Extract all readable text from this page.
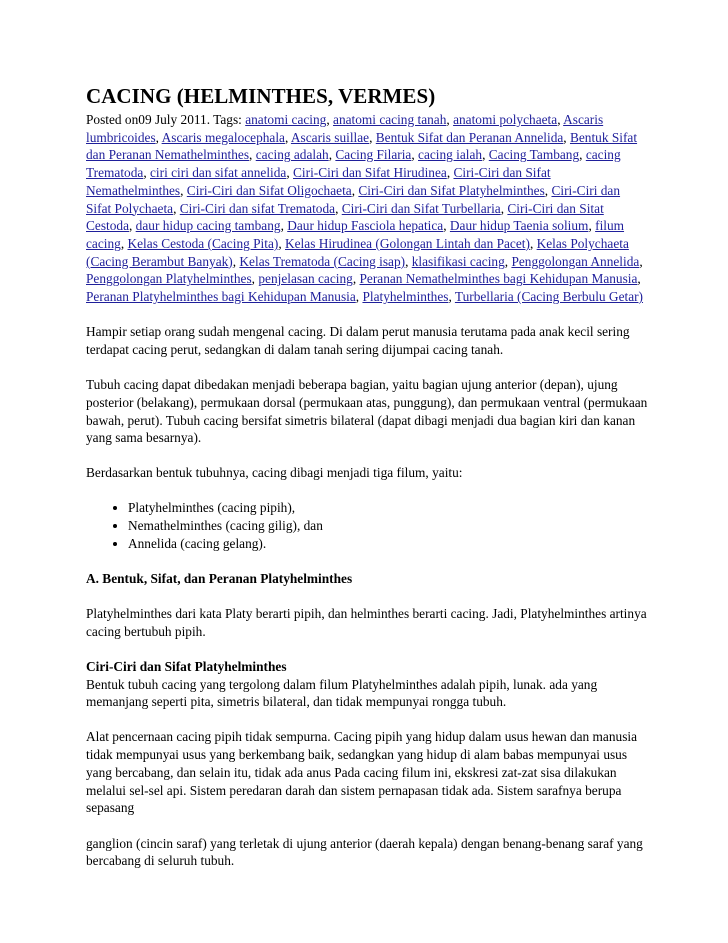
CACING (HELMINTHES, VERMES)

Posted on09 July 2011. Tags: anatomi cacing, anatomi cacing tanah, anatomi polychaeta, Ascaris lumbricoides, Ascaris megalocephala, Ascaris suillae, Bentuk Sifat dan Peranan Annelida, Bentuk Sifat dan Peranan Nemathelminthes, cacing adalah, Cacing Filaria, cacing ialah, Cacing Tambang, cacing Trematoda, ciri ciri dan sifat annelida, Ciri-Ciri dan Sifat Hirudinea, Ciri-Ciri dan Sifat Nemathelminthes, Ciri-Ciri dan Sifat Oligochaeta, Ciri-Ciri dan Sifat Platyhelminthes, Ciri-Ciri dan Sifat Polychaeta, Ciri-Ciri dan sifat Trematoda, Ciri-Ciri dan Sifat Turbellaria, Ciri-Ciri dan Sitat Cestoda, daur hidup cacing tambang, Daur hidup Fasciola hepatica, Daur hidup Taenia solium, filum cacing, Kelas Cestoda (Cacing Pita), Kelas Hirudinea (Golongan Lintah dan Pacet), Kelas Polychaeta (Cacing Berambut Banyak), Kelas Trematoda (Cacing isap), klasifikasi cacing, Penggolongan Annelida, Penggolongan Platyhelminthes, penjelasan cacing, Peranan Nemathelminthes bagi Kehidupan Manusia, Peranan Platyhelminthes bagi Kehidupan Manusia, Platyhelminthes, Turbellaria (Cacing Berbulu Getar)

Hampir setiap orang sudah mengenal cacing. Di dalam perut manusia terutama pada anak kecil sering terdapat cacing perut, sedangkan di dalam tanah sering dijumpai cacing tanah.

Tubuh cacing dapat dibedakan menjadi beberapa bagian, yaitu bagian ujung anterior (depan), ujung posterior (belakang), permukaan dorsal (permukaan atas, punggung), dan permukaan ventral (permukaan bawah, perut). Tubuh cacing bersifat simetris bilateral (dapat dibagi menjadi dua bagian kiri dan kanan yang sama besarnya).

Berdasarkan bentuk tubuhnya, cacing dibagi menjadi tiga filum, yaitu:

• Platyhelminthes (cacing pipih),
• Nemathelminthes (cacing gilig), dan
• Annelida (cacing gelang).
A. Bentuk, Sifat, dan Peranan Platyhelminthes

Platyhelminthes dari kata Platy berarti pipih, dan helminthes berarti cacing. Jadi, Platyhelminthes artinya cacing bertubuh pipih.

Ciri-Ciri dan Sifat Platyhelminthes

Bentuk tubuh cacing yang tergolong dalam filum Platyhelminthes adalah pipih, lunak. ada yang memanjang seperti pita, simetris bilateral, dan tidak mempunyai rongga tubuh.

Alat pencernaan cacing pipih tidak sempurna. Cacing pipih yang hidup dalam usus hewan dan manusia tidak mempunyai usus yang berkembang baik, sedangkan yang hidup di alam babas mempunyai usus yang bercabang, dan selain itu, tidak ada anus Pada cacing filum ini, ekskresi zat-zat sisa dilakukan melalui sel-sel api. Sistem peredaran darah dan sistem pernapasan tidak ada. Sistem sarafnya berupa sepasang

ganglion (cincin saraf) yang terletak di ujung anterior (daerah kepala) dengan benang-benang saraf yang bercabang di seluruh tubuh.
